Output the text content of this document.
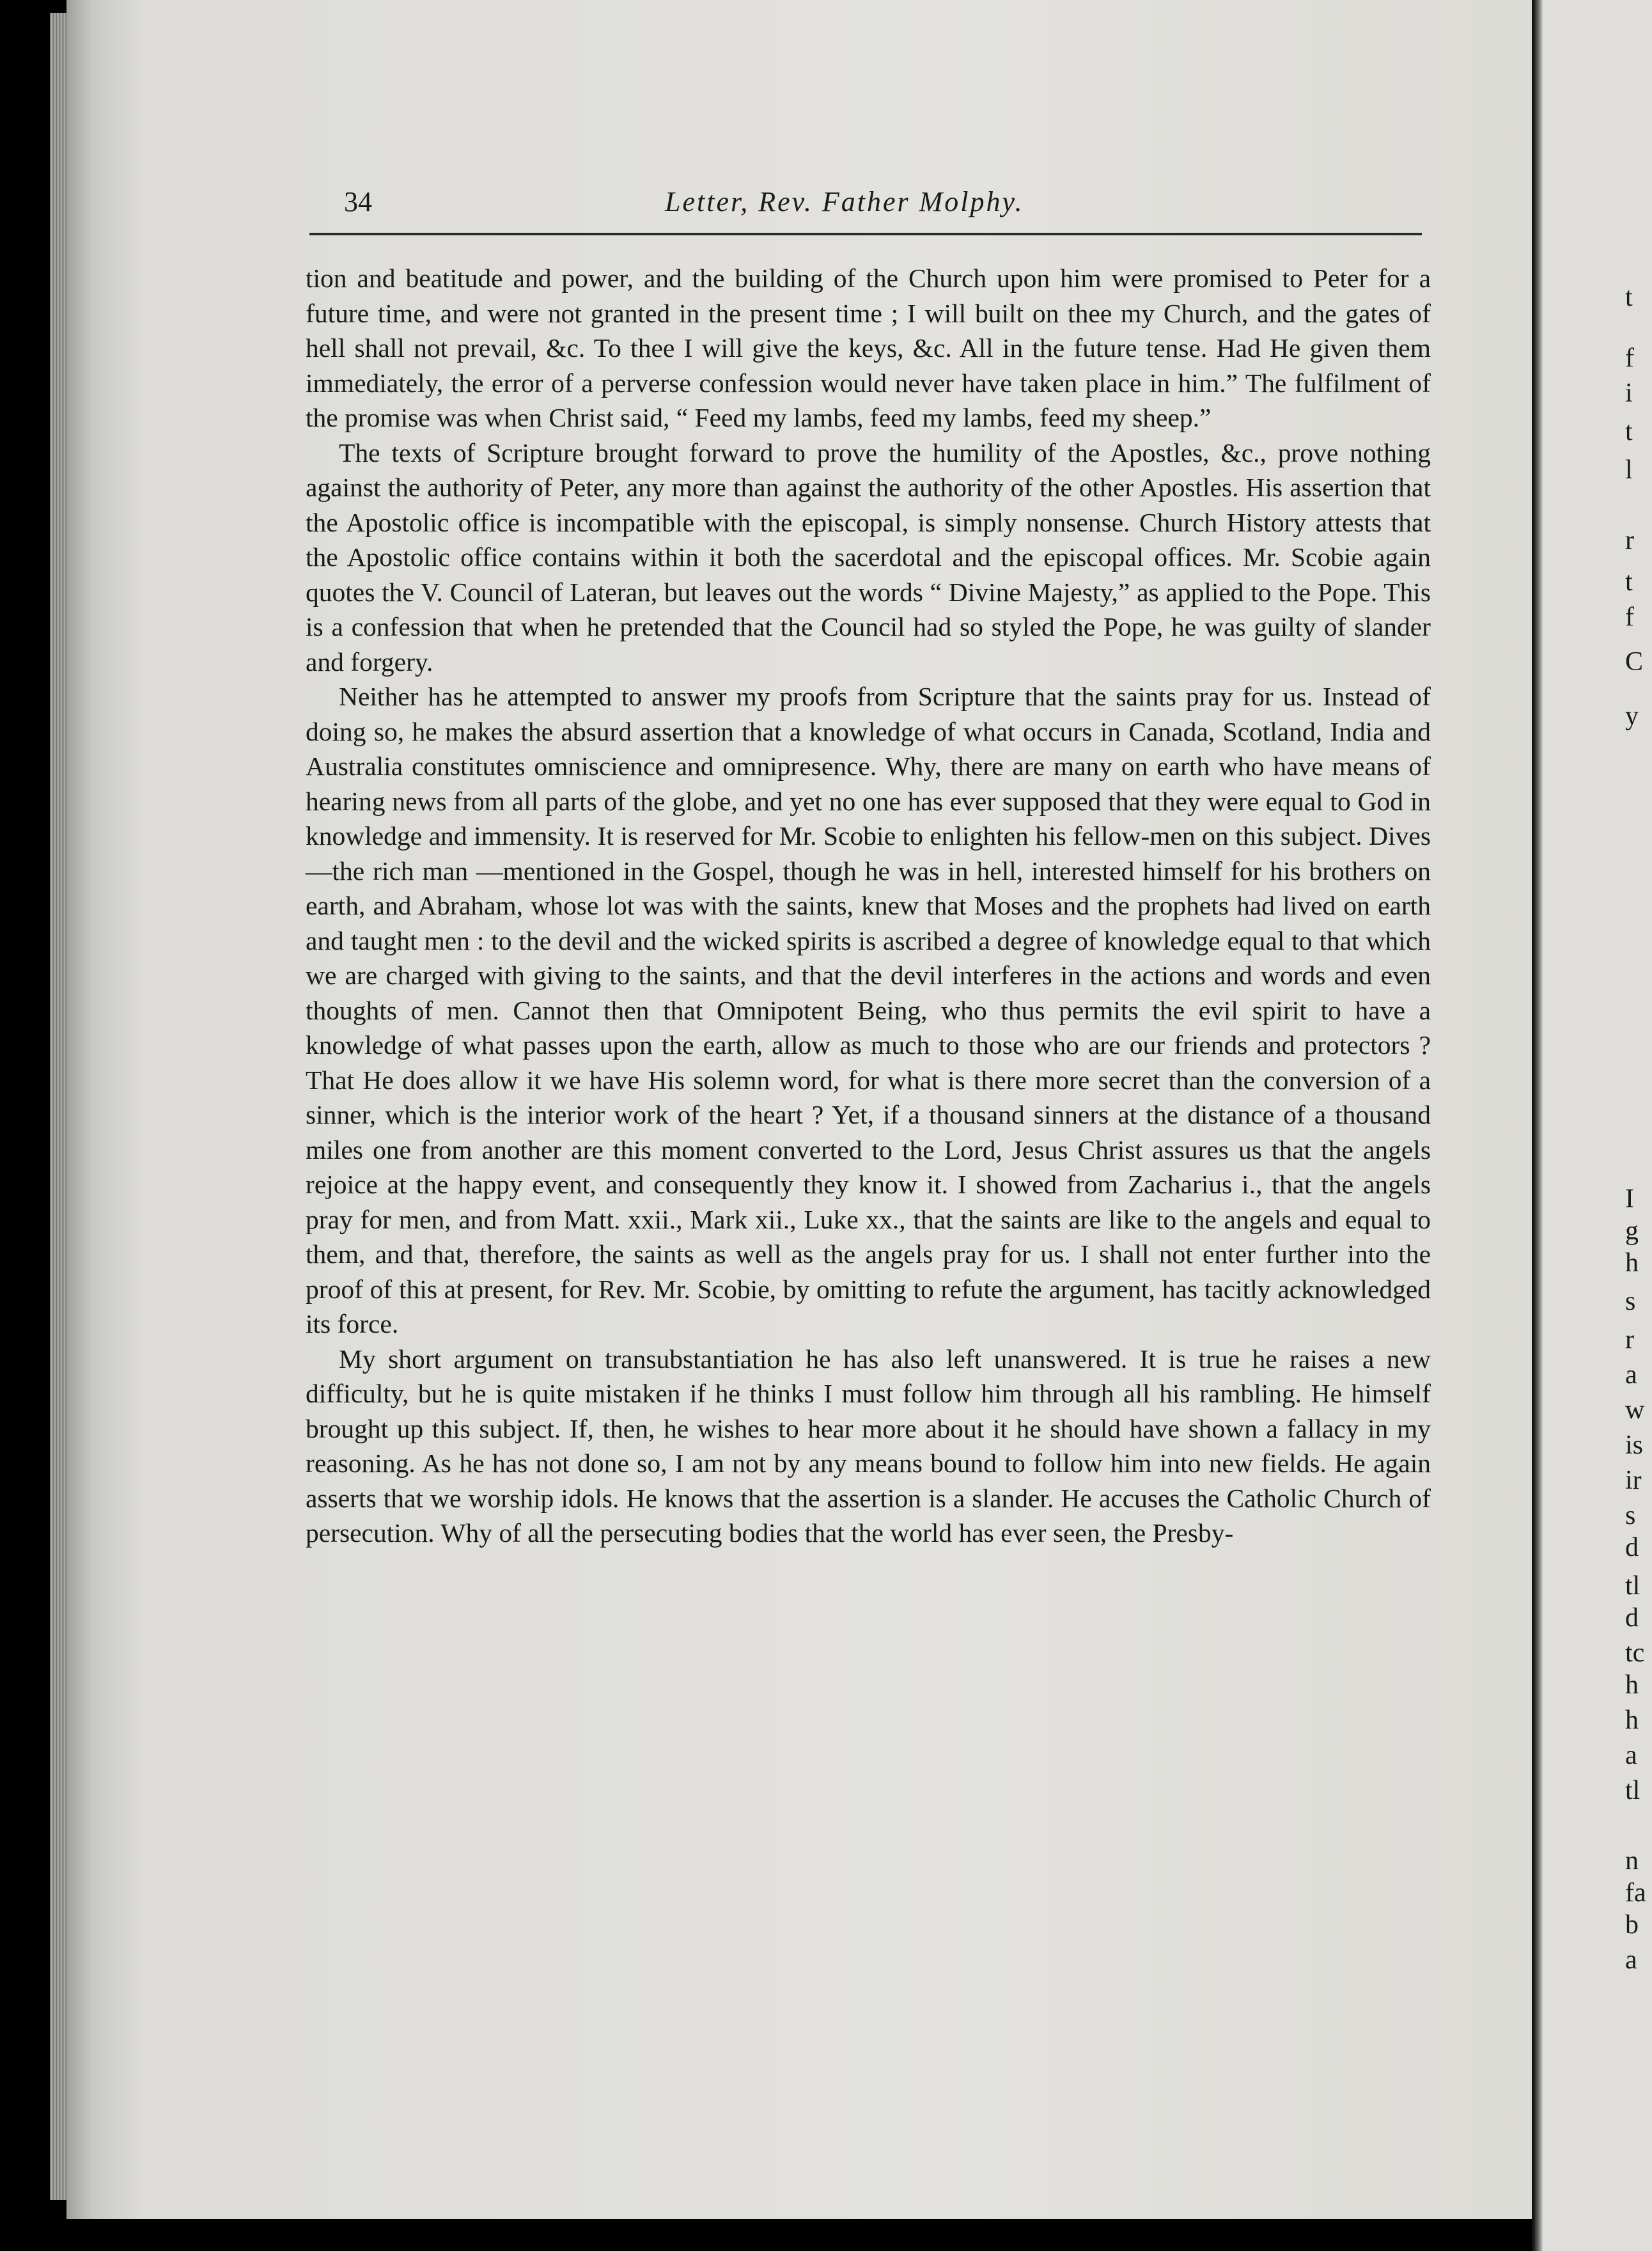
34	Letter, Rev. Father Molphy.

tion and beatitude and power, and the building of the Church upon him were promised to Peter for a future time, and were not granted in the present time ; I will built on thee my Church, and the gates of hell shall not prevail, &c. To thee I will give the keys, &c. All in the future tense. Had He given them immediately, the error of a perverse confession would never have taken place in him.” The fulfilment of the promise was when Christ said, “ Feed my lambs, feed my lambs, feed my sheep.”

The texts of Scripture brought forward to prove the humility of the Apostles, &c., prove nothing against the authority of Peter, any more than against the authority of the other Apostles. His assertion that the Apostolic office is incompatible with the episcopal, is simply nonsense. Church History attests that the Apostolic office contains within it both the sacerdotal and the episcopal offices. Mr. Scobie again quotes the V. Council of Lateran, but leaves out the words “ Divine Majesty,” as applied to the Pope. This is a confession that when he pretended that the Council had so styled the Pope, he was guilty of slander and forgery.

Neither has he attempted to answer my proofs from Scripture that the saints pray for us. Instead of doing so, he makes the absurd assertion that a knowledge of what occurs in Canada, Scotland, India and Australia constitutes omniscience and omnipresence. Why, there are many on earth who have means of hearing news from all parts of the globe, and yet no one has ever supposed that they were equal to God in knowledge and immensity. It is reserved for Mr. Scobie to enlighten his fellow-men on this subject. Dives—the rich man —mentioned in the Gospel, though he was in hell, interested himself for his brothers on earth, and Abraham, whose lot was with the saints, knew that Moses and the prophets had lived on earth and taught men : to the devil and the wicked spirits is ascribed a degree of knowledge equal to that which we are charged with giving to the saints, and that the devil interferes in the actions and words and even thoughts of men. Cannot then that Omnipotent Being, who thus permits the evil spirit to have a knowledge of what passes upon the earth, allow as much to those who are our friends and protectors ? That He does allow it we have His solemn word, for what is there more secret than the conversion of a sinner, which is the interior work of the heart ? Yet, if a thousand sinners at the distance of a thousand miles one from another are this moment converted to the Lord, Jesus Christ assures us that the angels rejoice at the happy event, and consequently they know it. I showed from Zacharius i., that the angels pray for men, and from Matt. xxii., Mark xii., Luke xx., that the saints are like to the angels and equal to them, and that, therefore, the saints as well as the angels pray for us. I shall not enter further into the proof of this at present, for Rev. Mr. Scobie, by omitting to refute the argument, has tacitly acknowledged its force.

My short argument on transubstantiation he has also left unanswered. It is true he raises a new difficulty, but he is quite mistaken if he thinks I must follow him through all his rambling. He himself brought up this subject. If, then, he wishes to hear more about it he should have shown a fallacy in my reasoning. As he has not done so, I am not by any means bound to follow him into new fields. He again asserts that we worship idols. He knows that the assertion is a slander. He accuses the Catholic Church of persecution. Why of all the persecuting bodies that the world has ever seen, the Presby-

t
f
i
t
l
r
t
f
C
y
I
g
h
s
r
a
w
is
ir
s
d
tl
d
tc
h
h
a
tl
n
fa
b
a
